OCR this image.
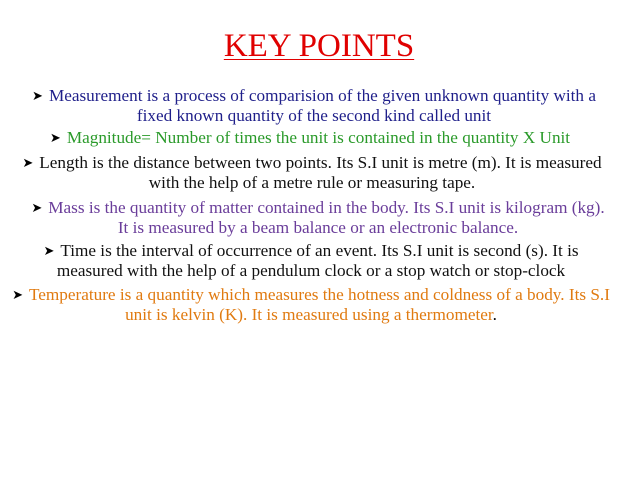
KEY POINTS

➤ Measurement is a process of comparision of the given unknown quantity with a fixed known quantity of the second kind called unit

➤ Magnitude= Number of times the unit is contained in the quantity X Unit

➤ Length is the distance between two points. Its S.I unit is metre (m). It is measured with the help of a metre rule or measuring tape.

➤ Mass is the quantity of matter contained in the body. Its S.I unit is kilogram (kg). It is measured by a beam balance or an electronic balance.

➤ Time is the interval of occurrence of an event. Its S.I unit is second (s). It is measured with the help of a pendulum clock or a stop watch or stop-clock

➤ Temperature is a quantity which measures the hotness and coldness of a body. Its S.I unit is kelvin (K). It is measured using a thermometer.
